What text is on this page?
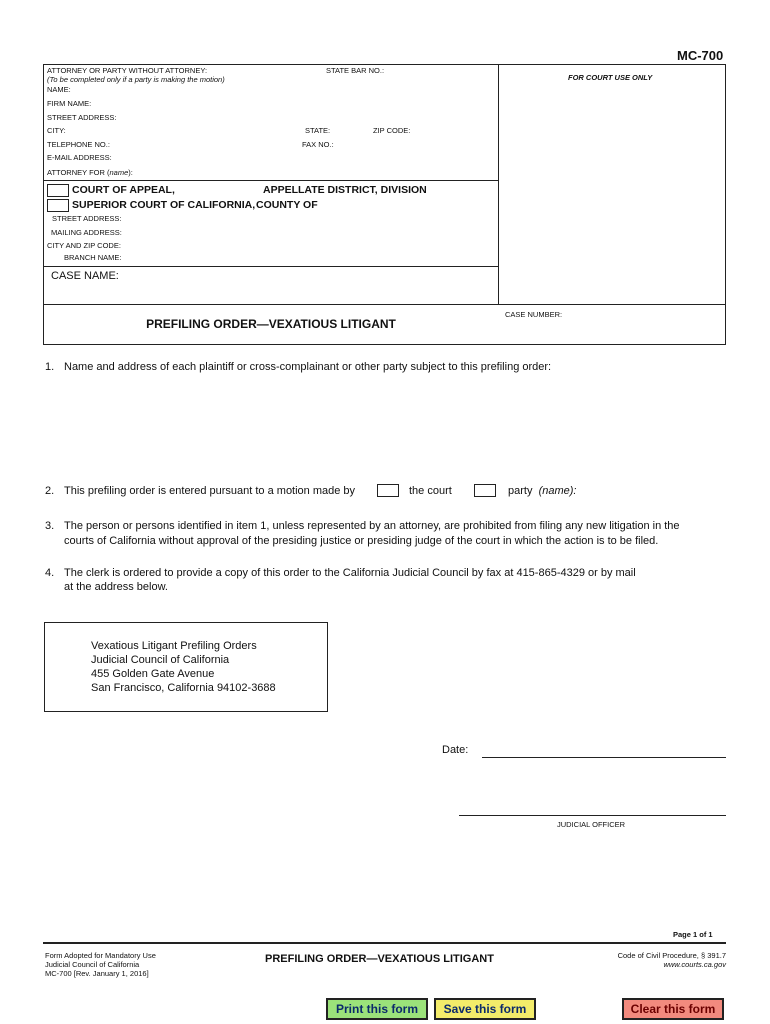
MC-700
ATTORNEY OR PARTY WITHOUT ATTORNEY:
(To be completed only if a party is making the motion)
STATE BAR NO.:
FOR COURT USE ONLY
NAME:
FIRM NAME:
STREET ADDRESS:
CITY:	STATE:	ZIP CODE:
TELEPHONE NO.:	FAX NO.:
E-MAIL ADDRESS:
ATTORNEY FOR (name):
COURT OF APPEAL,	APPELLATE DISTRICT, DIVISION
SUPERIOR COURT OF CALIFORNIA, COUNTY OF
STREET ADDRESS:
MAILING ADDRESS:
CITY AND ZIP CODE:
BRANCH NAME:
CASE NAME:
CASE NUMBER:
PREFILING ORDER—VEXATIOUS LITIGANT
1. Name and address of each plaintiff or cross-complainant or other party subject to this prefiling order:
2. This prefiling order is entered pursuant to a motion made by	the court	party (name):
3. The person or persons identified in item 1, unless represented by an attorney, are prohibited from filing any new litigation in the
courts of California without approval of the presiding justice or presiding judge of the court in which the action is to be filed.
4. The clerk is ordered to provide a copy of this order to the California Judicial Council by fax at 415-865-4329 or by mail
at the address below.
Vexatious Litigant Prefiling Orders
Judicial Council of California
455 Golden Gate Avenue
San Francisco, California 94102-3688
Date:
JUDICIAL OFFICER
Page 1 of 1
Form Adopted for Mandatory Use
Judicial Council of California
MC-700 [Rev. January 1, 2016]
PREFILING ORDER—VEXATIOUS LITIGANT	Code of Civil Procedure, § 391.7
www.courts.ca.gov
Print this form	Save this form	Clear this form
